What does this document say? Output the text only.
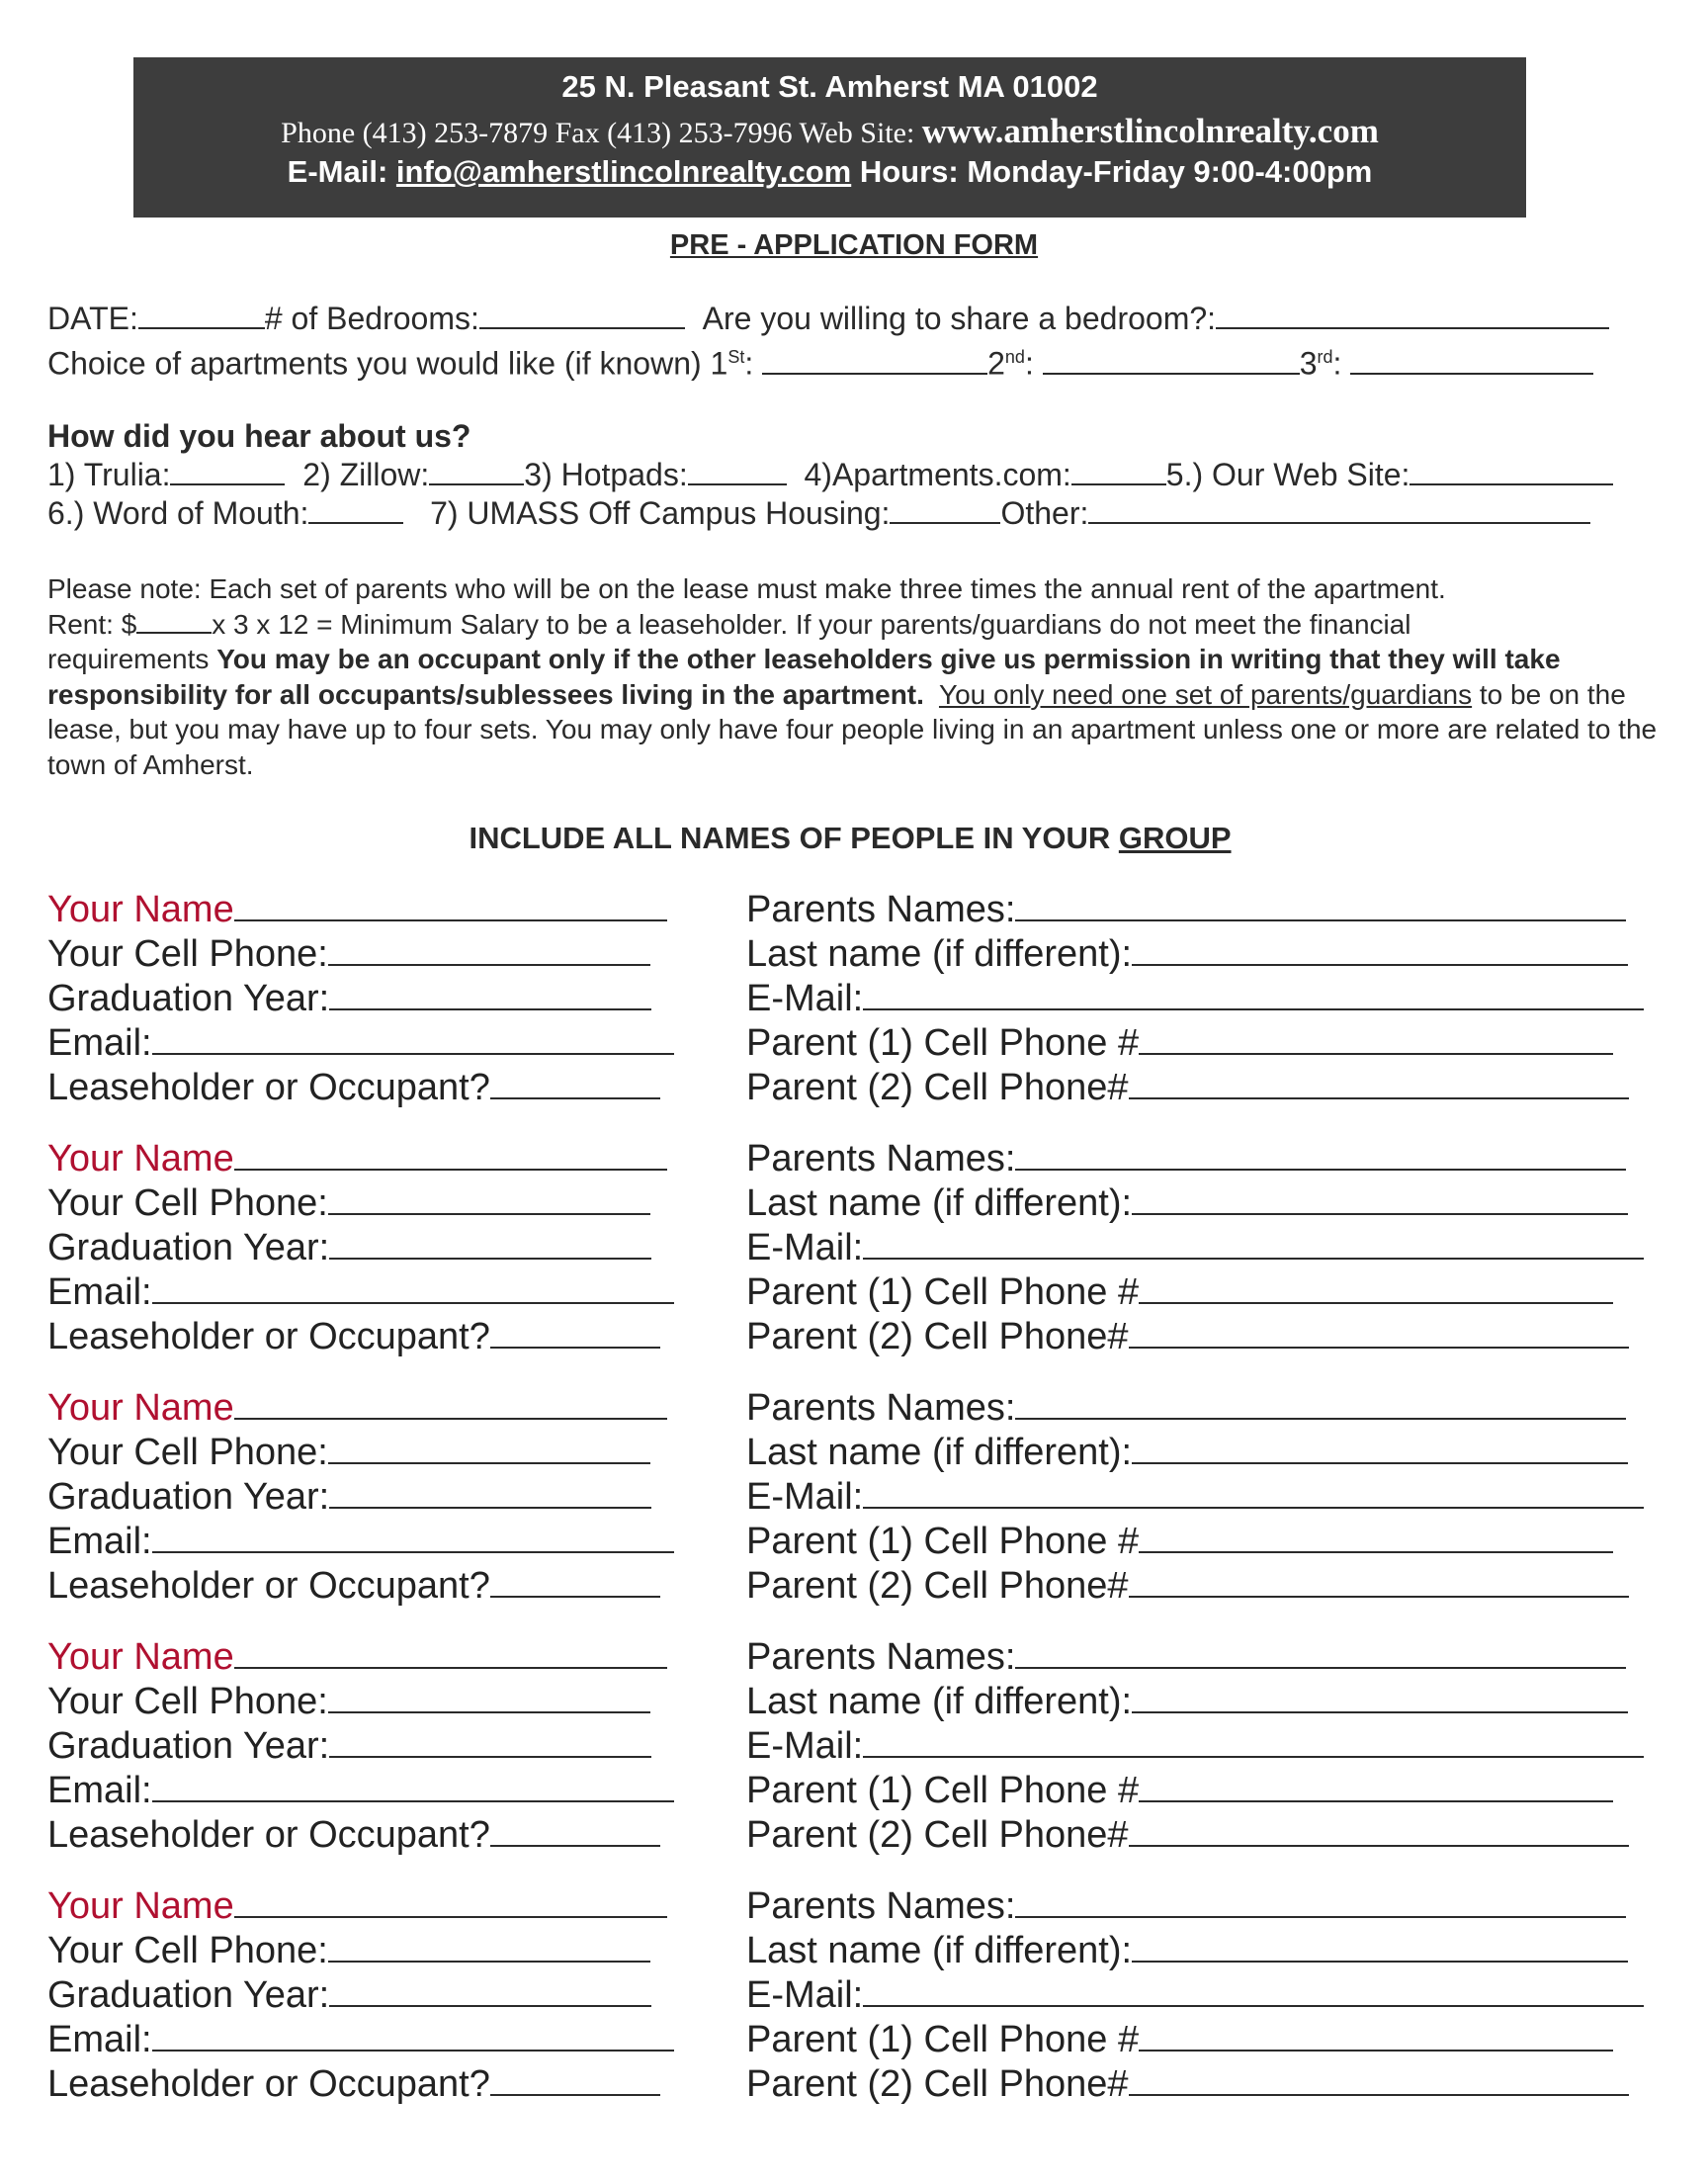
25 N. Pleasant St. Amherst MA 01002
Phone (413) 253-7879 Fax (413) 253-7996 Web Site: www.amherstlincolnrealty.com
E-Mail: info@amherstlincolnrealty.com Hours: Monday-Friday 9:00-4:00pm
PRE - APPLICATION FORM
DATE:	# of Bedrooms:	Are you willing to share a bedroom?:
Choice of apartments you would like (if known) 1St:	2nd:	3rd:
How did you hear about us?
1) Trulia:	2) Zillow:	3) Hotpads:	4)Apartments.com:	5.) Our Web Site:
6.) Word of Mouth:	7) UMASS Off Campus Housing:	Other:
Please note: Each set of parents who will be on the lease must make three times the annual rent of the apartment.
Rent: $	x 3 x 12 = Minimum Salary to be a leaseholder. If your parents/guardians do not meet the financial
requirements You may be an occupant only if the other leaseholders give us permission in writing that they will take responsibility for all occupants/sublessees living in the apartment. You only need one set of parents/guardians to be on the lease, but you may have up to four sets. You may only have four people living in an apartment unless one or more are related to the town of Amherst.
INCLUDE ALL NAMES OF PEOPLE IN YOUR GROUP
Your Name
Your Cell Phone:
Graduation Year:
Email:
Leaseholder or Occupant?
Parents Names:
Last name (if different):
E-Mail:
Parent (1) Cell Phone #
Parent (2) Cell Phone#
Your Name
Your Cell Phone:
Graduation Year:
Email:
Leaseholder or Occupant?
Parents Names:
Last name (if different):
E-Mail:
Parent (1) Cell Phone #
Parent (2) Cell Phone#
Your Name
Your Cell Phone:
Graduation Year:
Email:
Leaseholder or Occupant?
Parents Names:
Last name (if different):
E-Mail:
Parent (1) Cell Phone #
Parent (2) Cell Phone#
Your Name
Your Cell Phone:
Graduation Year:
Email:
Leaseholder or Occupant?
Parents Names:
Last name (if different):
E-Mail:
Parent (1) Cell Phone #
Parent (2) Cell Phone#
Your Name
Your Cell Phone:
Graduation Year:
Email:
Leaseholder or Occupant?
Parents Names:
Last name (if different):
E-Mail:
Parent (1) Cell Phone #
Parent (2) Cell Phone#
